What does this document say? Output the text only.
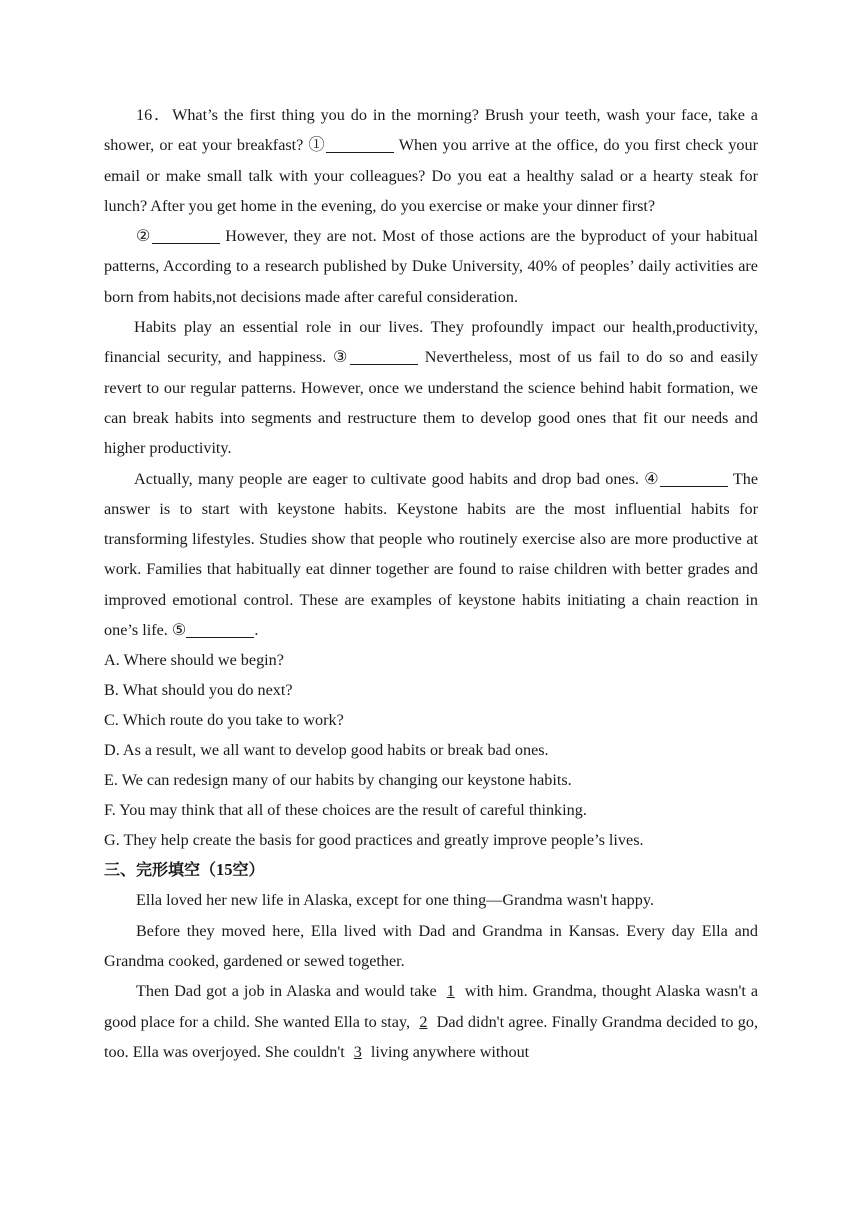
16．What’s the first thing you do in the morning? Brush your teeth, wash your face, take a shower, or eat your breakfast? ①	When you arrive at the office, do you first check your email or make small talk with your colleagues? Do you eat a healthy salad or a hearty steak for lunch? After you get home in the evening, do you exercise or make your dinner first?

②	However, they are not. Most of those actions are the byproduct of your habitual patterns, According to a research published by Duke University, 40% of peoples’ daily activities are born from habits,not decisions made after careful consideration.

Habits play an essential role in our lives. They profoundly impact our health,productivity, financial security, and happiness. ③	Nevertheless, most of us fail to do so and easily revert to our regular patterns. However, once we understand the science behind habit formation, we can break habits into segments and restructure them to develop good ones that fit our needs and higher productivity.

Actually, many people are eager to cultivate good habits and drop bad ones. ④	The answer is to start with keystone habits. Keystone habits are the most influential habits for transforming lifestyles. Studies show that people who routinely exercise also are more productive at work. Families that habitually eat dinner together are found to raise children with better grades and improved emotional control. These are examples of keystone habits initiating a chain reaction in one’s life. ⑤	.

A. Where should we begin?

B. What should you do next?

C. Which route do you take to work?

D. As a result, we all want to develop good habits or break bad ones.

E. We can redesign many of our habits by changing our keystone habits.

F. You may think that all of these choices are the result of careful thinking.

G. They help create the basis for good practices and greatly improve people’s lives.

三、完形填空（15空）

Ella loved her new life in Alaska, except for one thing—Grandma wasn't happy.

Before they moved here, Ella lived with Dad and Grandma in Kansas. Every day Ella and Grandma cooked, gardened or sewed together.

Then Dad got a job in Alaska and would take 1 with him. Grandma, thought Alaska wasn't a good place for a child. She wanted Ella to stay, 2 Dad didn't agree. Finally Grandma decided to go, too. Ella was overjoyed. She couldn't 3 living anywhere without
